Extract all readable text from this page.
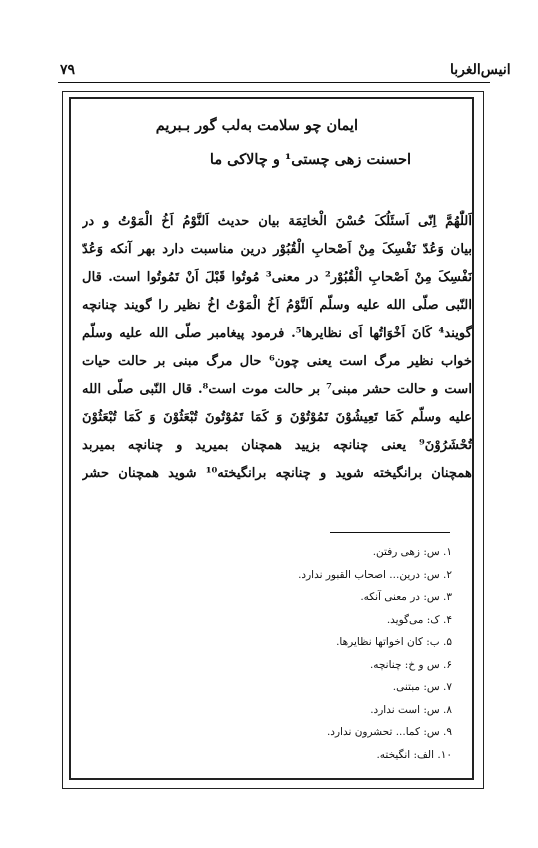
۷۹	انیس‌الغربا
ایمان چو سلامت به‌لب گور بـبریم
احسنت زهی چستی¹ و چالاکی ما
اَللّٰهُمَّ اِنّی اَسئَلُکَ حُسْنَ الْخاتِمَة بیان حدیث اَلنَّوْمُ اَخُ الْمَوْتُ و در
بیان وَعُدّ نَفْسِکَ مِنْ اَصْحابِ الْقُبُوْر درین مناسبت دارد بهر آنکه وَعُدّ
نَفْسِکَ مِنْ اَصْحابِ الْقُبُوْر² در معنی³ مُوتُوا قَبْلَ اَنْ تَمُوتُوا است. قال
النّبی صلّی الله علیه وسلّم اَلنَّوْمُ اَخُ الْمَوْتُ اخُ نظیر را گویند چنانچه
گویند⁴ کَانَ اَخْوَاتُها اَی نظایرها⁵. فرمود پیغامبر صلّی الله علیه وسلّم
خواب نظیر مرگ است یعنی چون⁶ حال مرگ مبنی بر حالت حیات
است و حالت حشر مبنی⁷ بر حالت موت است⁸. قال النّبی صلّی الله
علیه وسلّم کَمَا تَعِیشُوْنَ تَمُوْتُوْنَ وَ کَمَا تَمُوْتُونَ تُبْعَثُوْنَ وَ کَمَا تُبْعَثُوْنَ
تُحْشَرُوْنَ⁹ یعنی چنانچه بزیید همچنان بمیرید و چنانچه بمیربد
همچنان برانگیخته شوید و چنانچه برانگیخته¹⁰ شوید همچنان حشر
۱. س: زهی رفتن.
۲. س: درین... اصحاب القبور ندارد.
۳. س: در معنی آنکه.
۴. ک: می‌گوید.
۵. ب: کان اخواتها نظایرها.
۶. س و خ: چنانچه.
۷. س: مبتنی.
۸. س: است ندارد.
۹. س: کما... تحشرون ندارد.
۱۰. الف: انگیخته.
